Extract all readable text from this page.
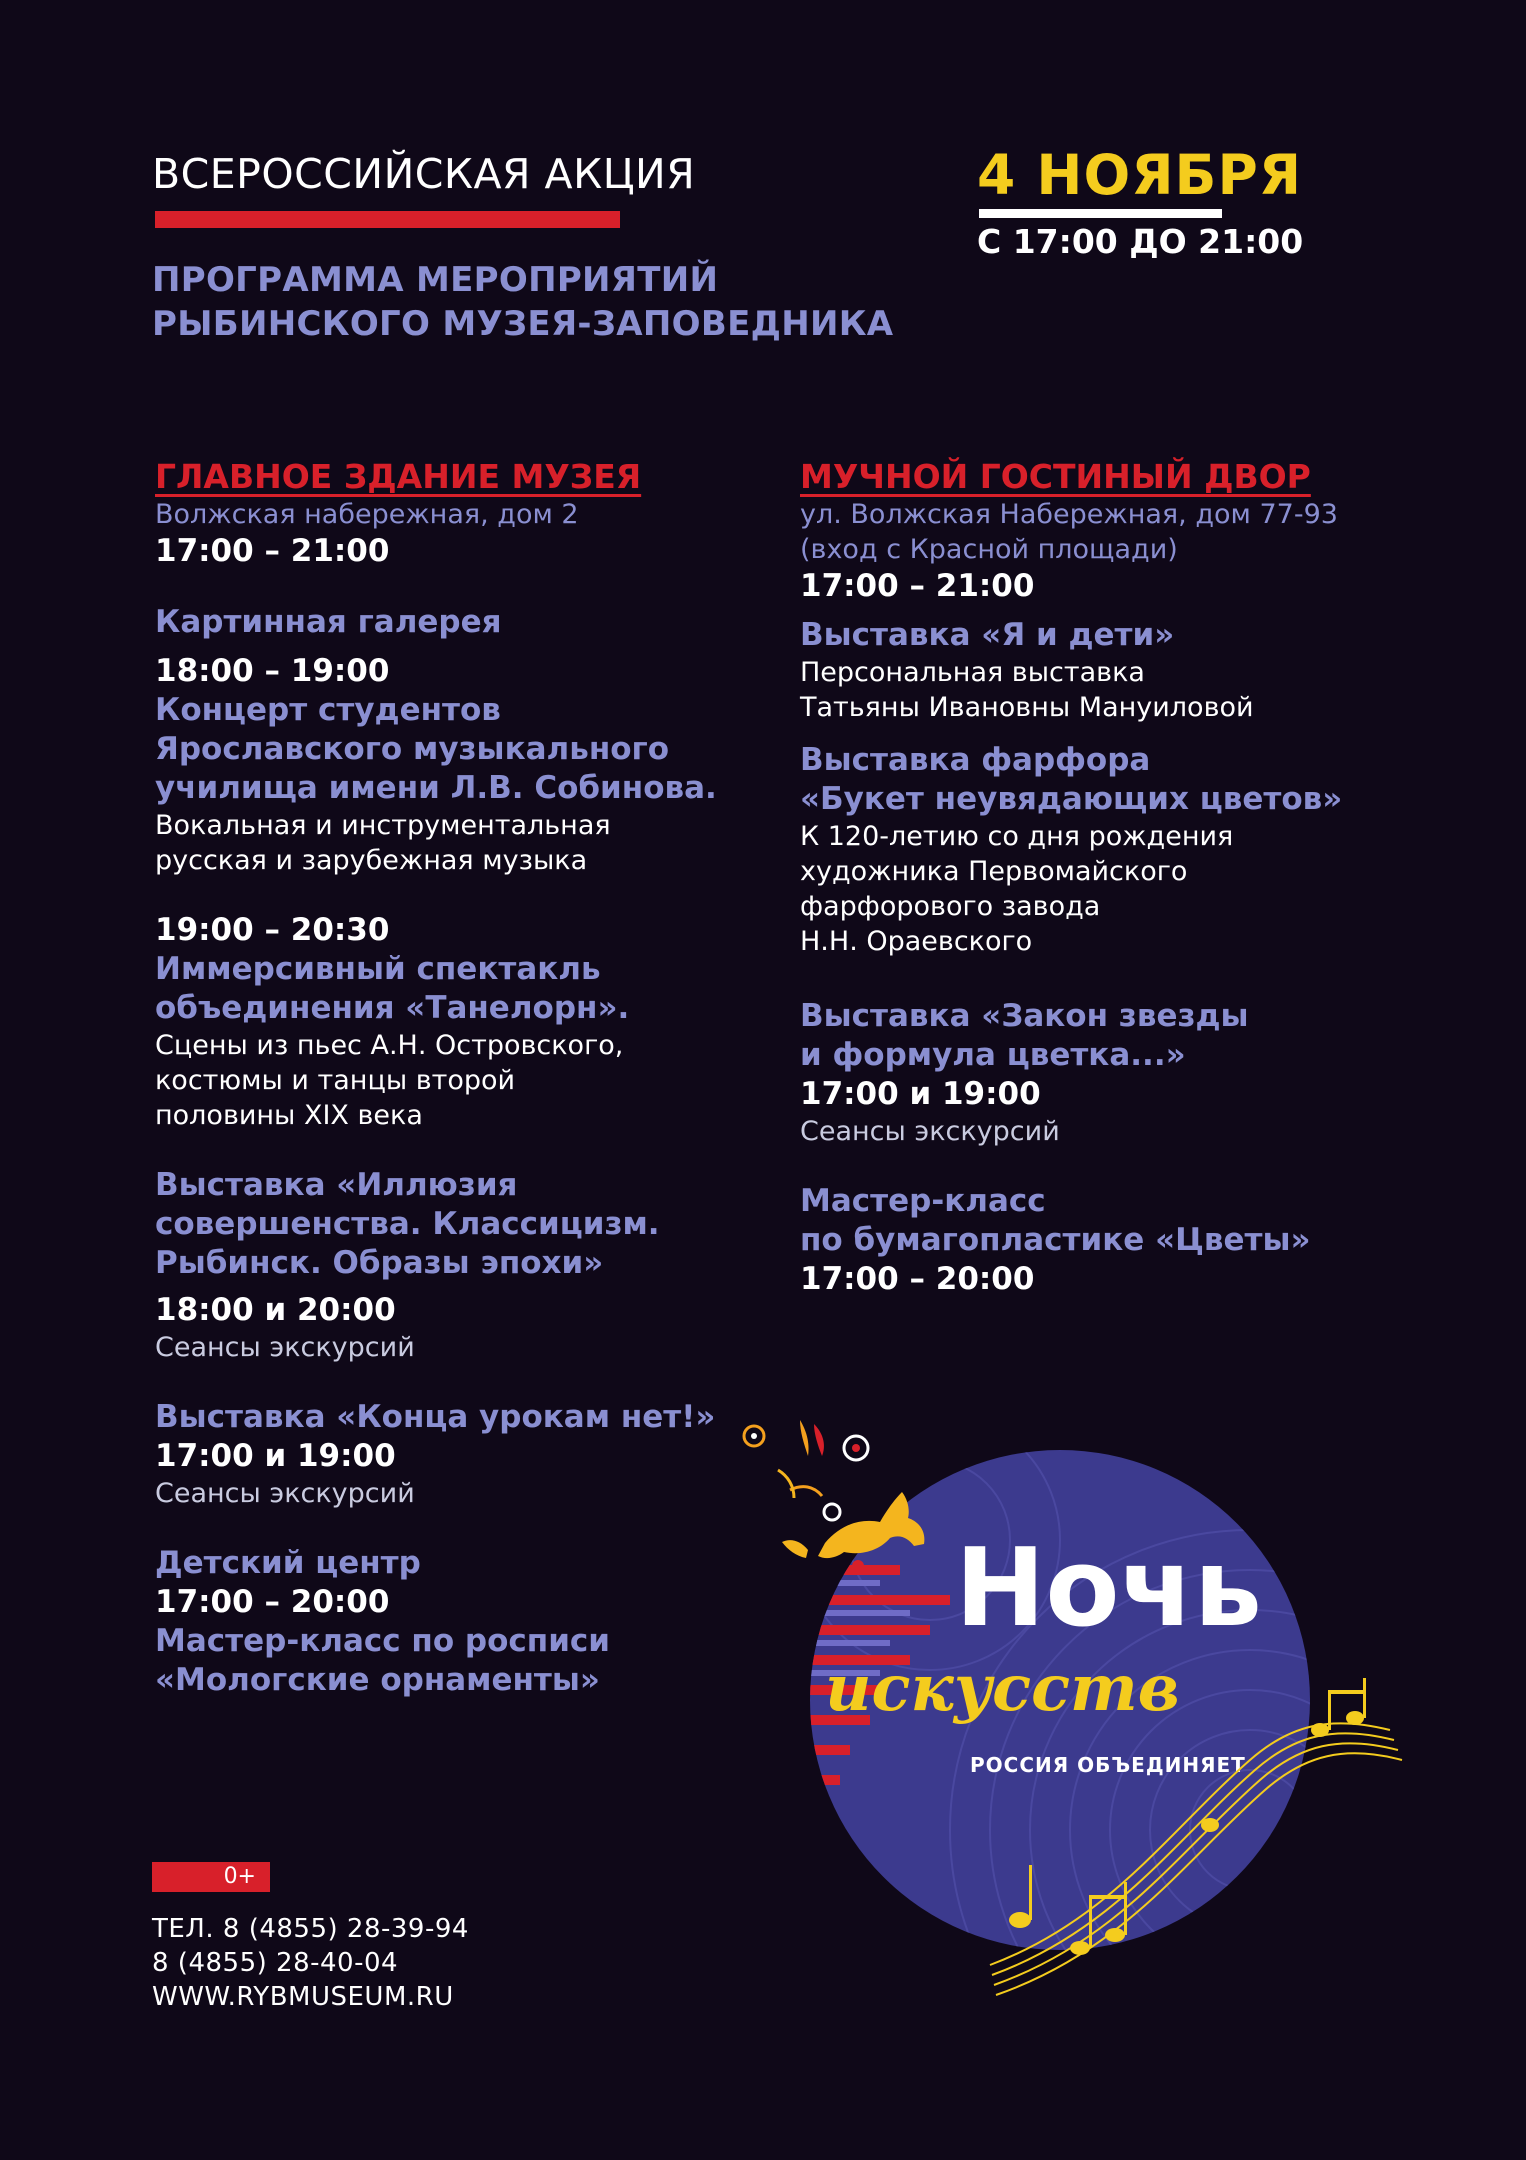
ВСЕРОССИЙСКАЯ АКЦИЯ
ПРОГРАММА МЕРОПРИЯТИЙ
РЫБИНСКОГО МУЗЕЯ-ЗАПОВЕДНИКА
4 НОЯБРЯ
С 17:00 ДО 21:00
ГЛАВНОЕ ЗДАНИЕ МУЗЕЯ
Волжская набережная, дом 2
17:00 – 21:00
Картинная галерея
18:00 – 19:00
Концерт студентов
Ярославского музыкального
училища имени Л.В. Собинова.
Вокальная и инструментальная
русская и зарубежная музыка
19:00 – 20:30
Иммерсивный спектакль
объединения «Танелорн».
Сцены из пьес А.Н. Островского,
костюмы и танцы второй
половины XIX века
Выставка «Иллюзия
совершенства. Классицизм.
Рыбинск. Образы эпохи»
18:00 и 20:00
Сеансы экскурсий
Выставка «Конца урокам нет!»
17:00 и 19:00
Сеансы экскурсий
Детский центр
17:00 – 20:00
Мастер-класс по росписи
«Мологские орнаменты»
МУЧНОЙ ГОСТИНЫЙ ДВОР
ул. Волжская Набережная, дом 77-93
(вход с Красной площади)
17:00 – 21:00
Выставка «Я и дети»
Персональная выставка
Татьяны Ивановны Мануиловой
Выставка фарфора
«Букет неувядающих цветов»
К 120-летию со дня рождения
художника Первомайского
фарфорового завода
Н.Н. Ораевского
Выставка «Закон звезды
и формула цветка...»
17:00 и 19:00
Сеансы экскурсий
Мастер-класс
по бумагопластике «Цветы»
17:00 – 20:00
0+
ТЕЛ. 8 (4855) 28-39-94
8 (4855) 28-40-04
WWW.RYBMUSEUM.RU
Ночь
искусств
РОССИЯ ОБЪЕДИНЯЕТ
